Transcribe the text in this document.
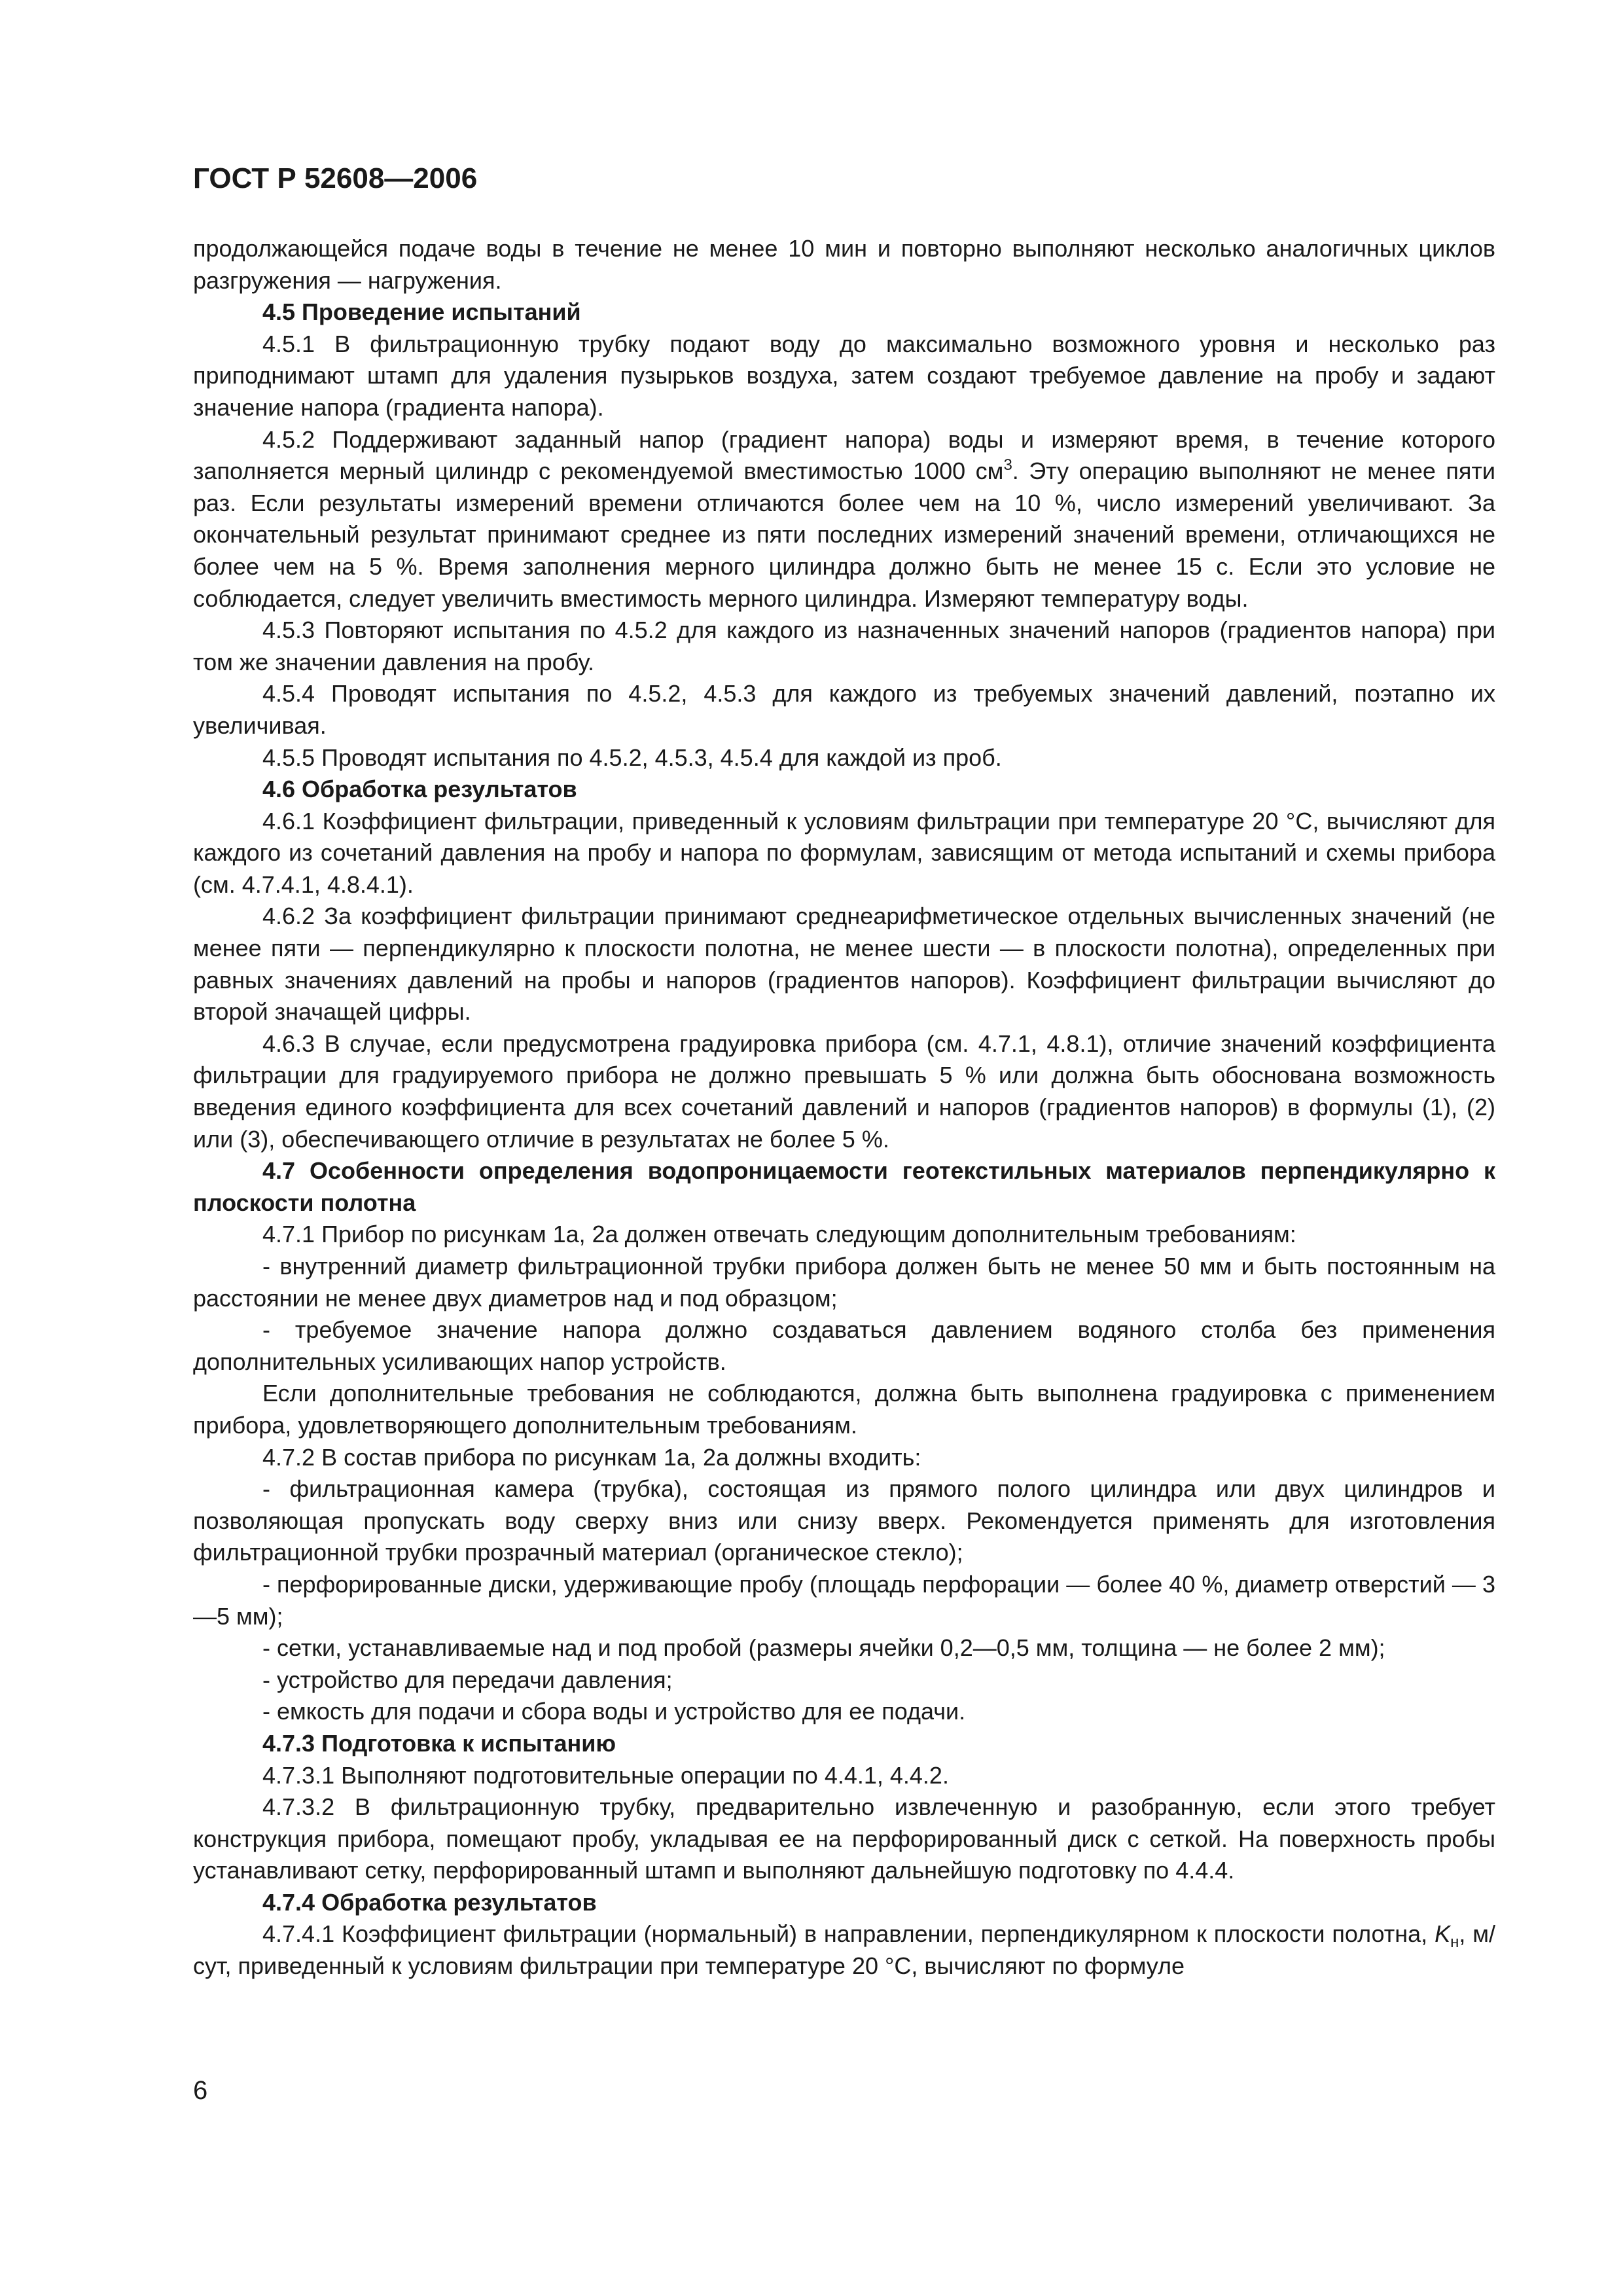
ГОСТ Р 52608—2006
продолжающейся подаче воды в течение не менее 10 мин и повторно выполняют несколько аналогичных циклов разгружения — нагружения.
4.5 Проведение испытаний
4.5.1 В фильтрационную трубку подают воду до максимально возможного уровня и несколько раз приподнимают штамп для удаления пузырьков воздуха, затем создают требуемое давление на пробу и задают значение напора (градиента напора).
4.5.2 Поддерживают заданный напор (градиент напора) воды и измеряют время, в течение которого заполняется мерный цилиндр с рекомендуемой вместимостью 1000 $см^3$. Эту операцию выполняют не менее пяти раз. Если результаты измерений времени отличаются более чем на 10 %, число измерений увеличивают. За окончательный результат принимают среднее из пяти последних измерений значений времени, отличающихся не более чем на 5 %. Время заполнения мерного цилиндра должно быть не менее 15 с. Если это условие не соблюдается, следует увеличить вместимость мерного цилиндра. Измеряют температуру воды.
4.5.3 Повторяют испытания по 4.5.2 для каждого из назначенных значений напоров (градиентов напора) при том же значении давления на пробу.
4.5.4 Проводят испытания по 4.5.2, 4.5.3 для каждого из требуемых значений давлений, поэтапно их увеличивая.
4.5.5 Проводят испытания по 4.5.2, 4.5.3, 4.5.4 для каждой из проб.
4.6 Обработка результатов
4.6.1 Коэффициент фильтрации, приведенный к условиям фильтрации при температуре 20 °С, вычисляют для каждого из сочетаний давления на пробу и напора по формулам, зависящим от метода испытаний и схемы прибора (см. 4.7.4.1, 4.8.4.1).
4.6.2 За коэффициент фильтрации принимают среднеарифметическое отдельных вычисленных значений (не менее пяти — перпендикулярно к плоскости полотна, не менее шести — в плоскости полотна), определенных при равных значениях давлений на пробы и напоров (градиентов напоров). Коэффициент фильтрации вычисляют до второй значащей цифры.
4.6.3 В случае, если предусмотрена градуировка прибора (см. 4.7.1, 4.8.1), отличие значений коэффициента фильтрации для градуируемого прибора не должно превышать 5 % или должна быть обоснована возможность введения единого коэффициента для всех сочетаний давлений и напоров (градиентов напоров) в формулы (1), (2) или (3), обеспечивающего отличие в результатах не более 5 %.
4.7 Особенности определения водопроницаемости геотекстильных материалов перпендикулярно к плоскости полотна
4.7.1 Прибор по рисункам 1а, 2а должен отвечать следующим дополнительным требованиям:
- внутренний диаметр фильтрационной трубки прибора должен быть не менее 50 мм и быть постоянным на расстоянии не менее двух диаметров над и под образцом;
- требуемое значение напора должно создаваться давлением водяного столба без применения дополнительных усиливающих напор устройств.
Если дополнительные требования не соблюдаются, должна быть выполнена градуировка с применением прибора, удовлетворяющего дополнительным требованиям.
4.7.2 В состав прибора по рисункам 1а, 2а должны входить:
- фильтрационная камера (трубка), состоящая из прямого полого цилиндра или двух цилиндров и позволяющая пропускать воду сверху вниз или снизу вверх. Рекомендуется применять для изготовления фильтрационной трубки прозрачный материал (органическое стекло);
- перфорированные диски, удерживающие пробу (площадь перфорации — более 40 %, диаметр отверстий — 3—5 мм);
- сетки, устанавливаемые над и под пробой (размеры ячейки 0,2—0,5 мм, толщина — не более 2 мм);
- устройство для передачи давления;
- емкость для подачи и сбора воды и устройство для ее подачи.
4.7.3 Подготовка к испытанию
4.7.3.1 Выполняют подготовительные операции по 4.4.1, 4.4.2.
4.7.3.2 В фильтрационную трубку, предварительно извлеченную и разобранную, если этого требует конструкция прибора, помещают пробу, укладывая ее на перфорированный диск с сеткой. На поверхность пробы устанавливают сетку, перфорированный штамп и выполняют дальнейшую подготовку по 4.4.4.
4.7.4 Обработка результатов
4.7.4.1 Коэффициент фильтрации (нормальный) в направлении, перпендикулярном к плоскости полотна, $K_н$, м/сут, приведенный к условиям фильтрации при температуре 20 °С, вычисляют по формуле
6
